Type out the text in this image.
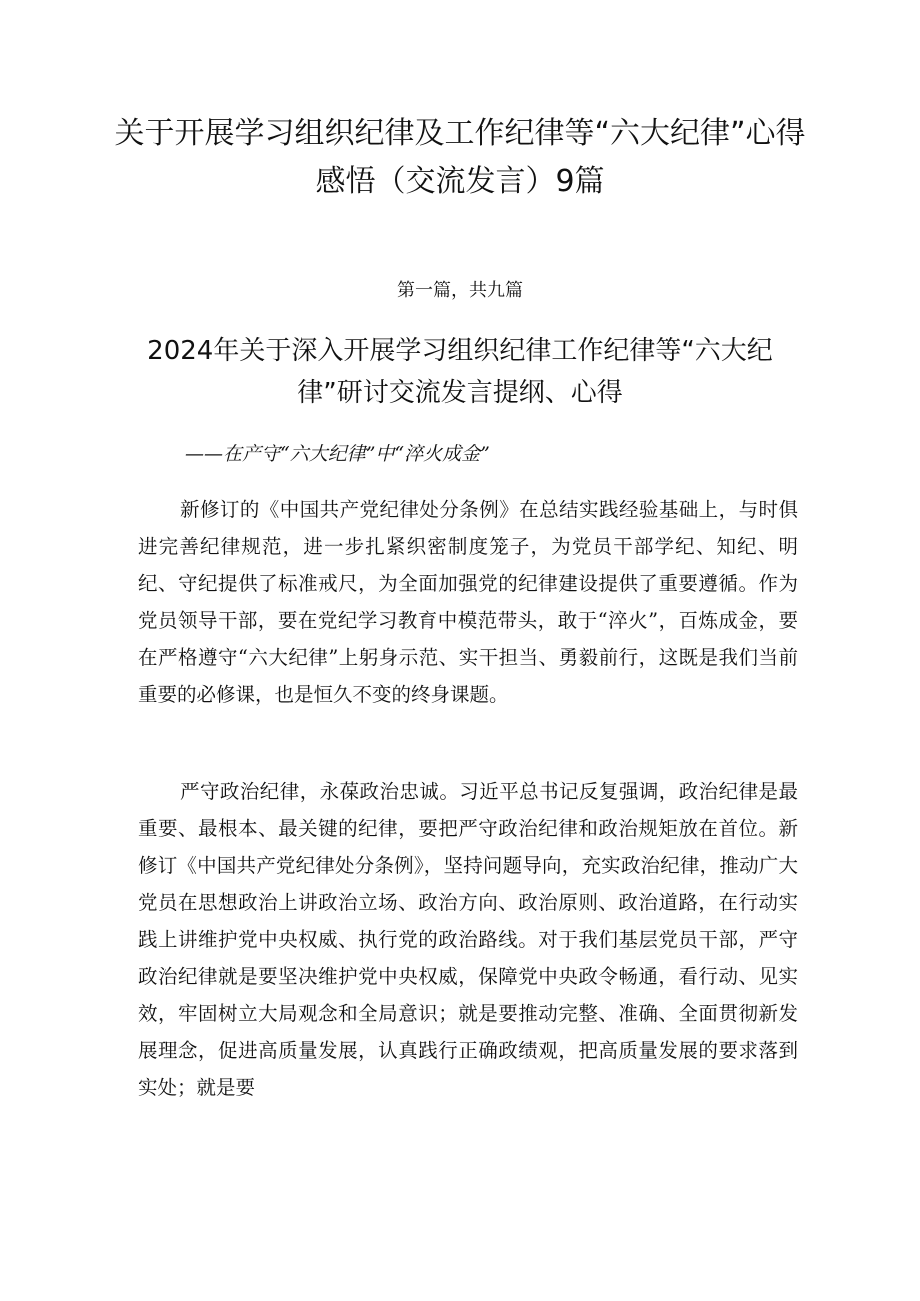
关于开展学习组织纪律及工作纪律等“六大纪律”心得感悟（交流发言）9篇
第一篇，共九篇
2024年关于深入开展学习组织纪律工作纪律等“六大纪律”研讨交流发言提纲、心得
——在产守“六大纪律”中“淬火成金”

新修订的《中国共产党纪律处分条例》在总结实践经验基础上，与时俱进完善纪律规范，进一步扎紧织密制度笼子，为党员干部学纪、知纪、明纪、守纪提供了标准戒尺，为全面加强党的纪律建设提供了重要遵循。作为党员领导干部，要在党纪学习教育中模范带头，敢于“淬火”，百炼成金，要在严格遵守“六大纪律”上躬身示范、实干担当、勇毅前行，这既是我们当前重要的必修课，也是恒久不变的终身课题。

严守政治纪律，永葆政治忠诚。习近平总书记反复强调，政治纪律是最重要、最根本、最关键的纪律，要把严守政治纪律和政治规矩放在首位。新修订《中国共产党纪律处分条例》，坚持问题导向，充实政治纪律，推动广大党员在思想政治上讲政治立场、政治方向、政治原则、政治道路，在行动实践上讲维护党中央权威、执行党的政治路线。对于我们基层党员干部，严守政治纪律就是要坚决维护党中央权威，保障党中央政令畅通，看行动、见实效，牢固树立大局观念和全局意识；就是要推动完整、准确、全面贯彻新发展理念，促进高质量发展，认真践行正确政绩观，把高质量发展的要求落到实处；就是要
